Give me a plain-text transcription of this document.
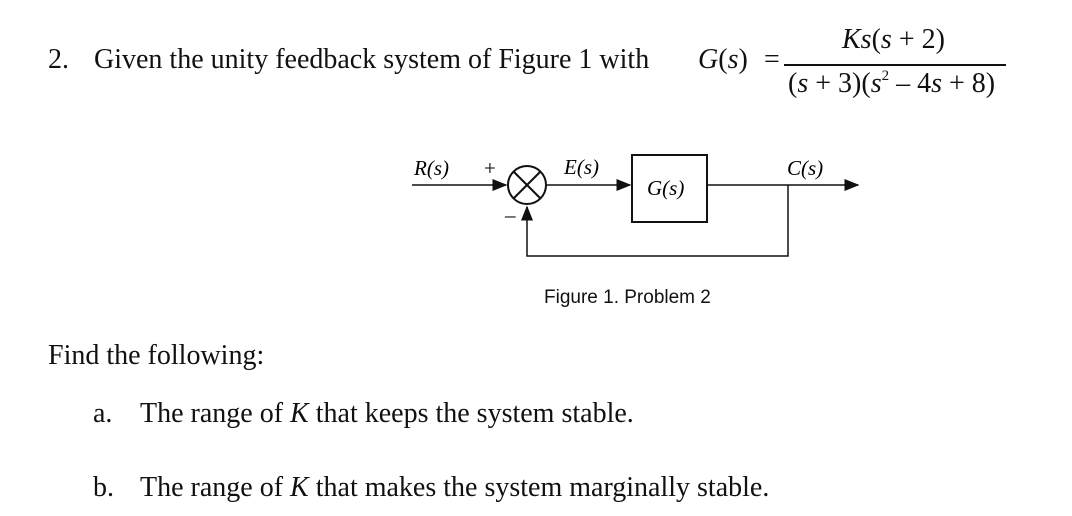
2. Given the unity feedback system of Figure 1 with G(s) =
Ks(s + 2)
$(s + 3)(s^2 - 4s + 8)$
R(s) +
–
E(s)
G(s)
C(s)
Figure 1. Problem 2
Find the following:
a. The range of K that keeps the system stable.
b. The range of K that makes the system marginally stable.
